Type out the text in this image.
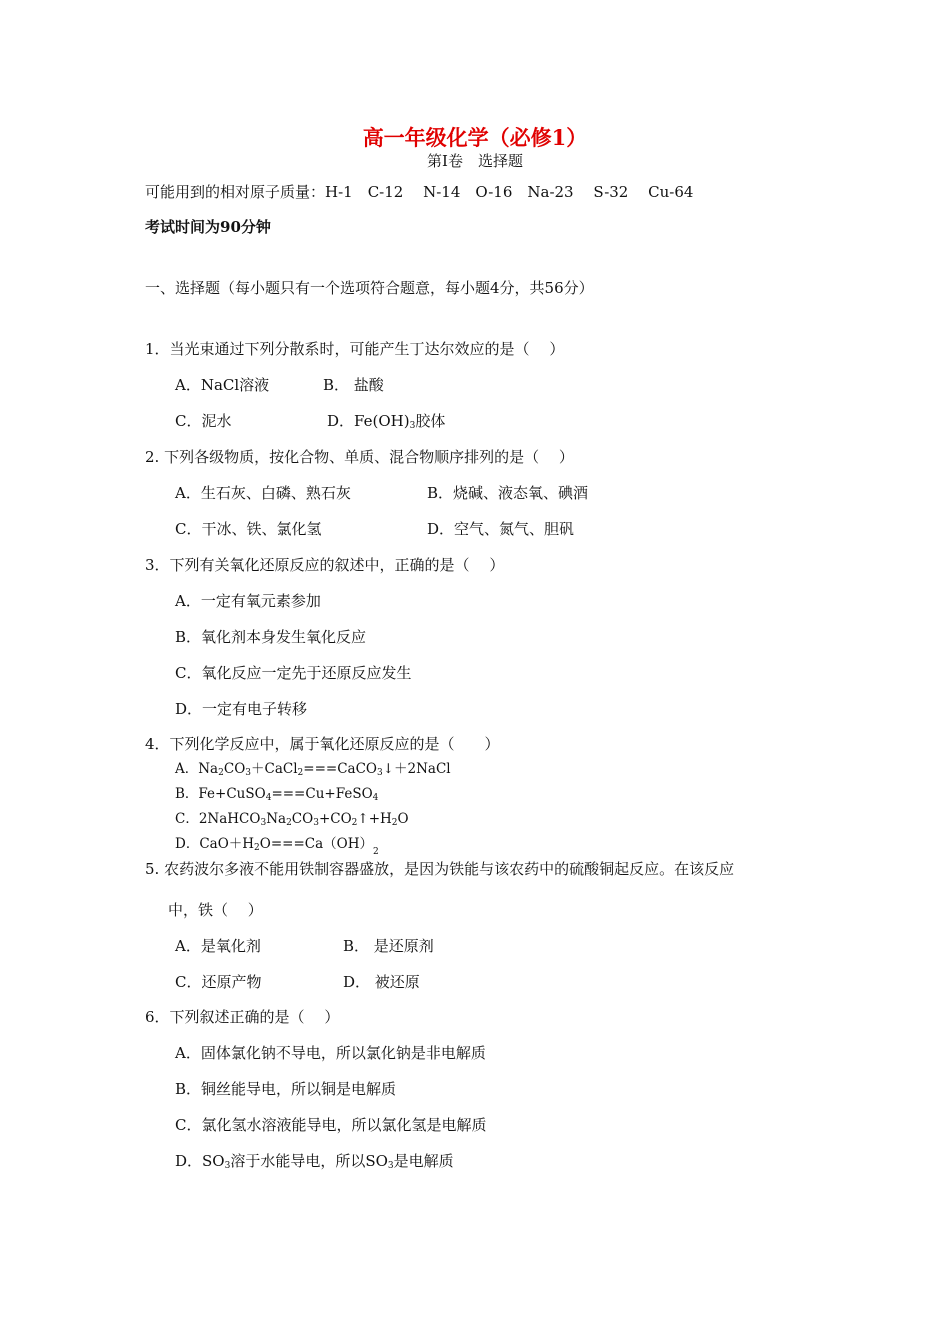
高一年级化学（必修1）
第Ⅰ卷　选择题
可能用到的相对原子质量：H-1　C-12　 N-14　O-16　Na-23　 S-32　 Cu-64
考试时间为90分钟
一、选择题（每小题只有一个选项符合题意，每小题4分，共56分）
1．当光束通过下列分散系时，可能产生丁达尔效应的是（　 ）
A．NaCl溶液	B． 盐酸
C．泥水	D．$Fe(OH)_3$胶体
2. 下列各级物质，按化合物、单质、混合物顺序排列的是（　 ）
A．生石灰、白磷、熟石灰	B．烧碱、液态氧、碘酒
C．干冰、铁、氯化氢	D．空气、氮气、胆矾
3．下列有关氧化还原反应的叙述中，正确的是（　 ）
A．一定有氧元素参加
B．氧化剂本身发生氧化反应
C．氧化反应一定先于还原反应发生
D．一定有电子转移
4．下列化学反应中，属于氧化还原反应的是（　　）
A．$Na_2CO_3+CaCl_2===CaCO_3↓+2NaCl$
B．Fe+CuSO$_4$===Cu+FeSO$_4$
C．$2NaHCO_3Na_2CO_3+CO_2↑+H_2O$
D．$CaO+H_2O===Ca(OH)_2$
5. 农药波尔多液不能用铁制容器盛放，是因为铁能与该农药中的硫酸铜起反应。在该反应
中，铁（　 ）
A．是氧化剂	B． 是还原剂
C．还原产物	D． 被还原
6．下列叙述正确的是（　 ）
A．固体氯化钠不导电，所以氯化钠是非电解质
B．铜丝能导电，所以铜是电解质
C．氯化氢水溶液能导电，所以氯化氢是电解质
D．$SO_3$溶于水能导电，所以$SO_3$是电解质
